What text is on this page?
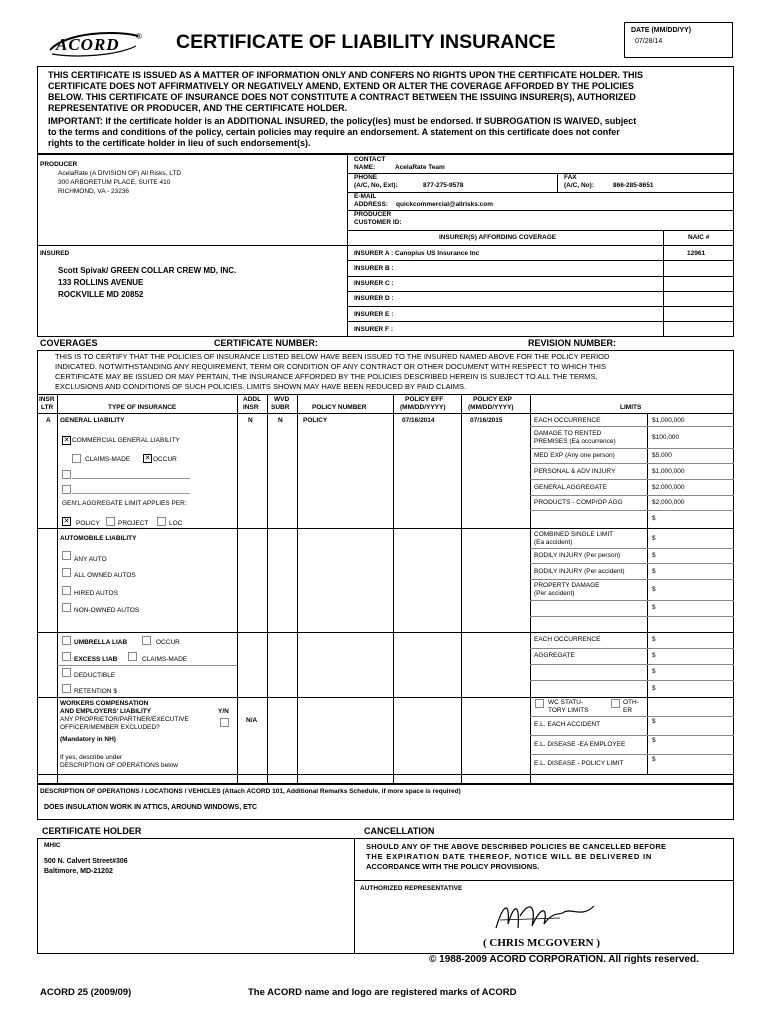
ACORD ® CERTIFICATE OF LIABILITY INSURANCE
DATE (MM/DD/YY)
07/28/14
THIS CERTIFICATE IS ISSUED AS A MATTER OF INFORMATION ONLY AND CONFERS NO RIGHTS UPON THE CERTIFICATE HOLDER. THIS
CERTIFICATE DOES NOT AFFIRMATIVELY OR NEGATIVELY AMEND, EXTEND OR ALTER THE COVERAGE AFFORDED BY THE POLICIES
BELOW. THIS CERTIFICATE OF INSURANCE DOES NOT CONSTITUTE A CONTRACT BETWEEN THE ISSUING INSURER(S), AUTHORIZED
REPRESENTATIVE OR PRODUCER, AND THE CERTIFICATE HOLDER.
IMPORTANT: If the certificate holder is an ADDITIONAL INSURED, the policy(ies) must be endorsed. If SUBROGATION IS WAIVED, subject
to the terms and conditions of the policy, certain policies may require an endorsement. A statement on this certificate does not confer
rights to the certificate holder in lieu of such endorsement(s).
PRODUCER
AcelaRate (A DIVISION OF) All Risks, LTD
300 ARBORETUM PLACE, SUITE 410
RICHMOND, VA - 23236
CONTACT
NAME:	AcelaRate Team
PHONE
(A/C, No, Ext):	877-275-9578
FAX
(A/C, No):	866-285-8651
E-MAIL
ADDRESS: quickcommercial@allrisks.com
PRODUCER
CUSTOMER ID:
INSURER(S) AFFORDING COVERAGE	NAIC #
INSURER A : Canopius US Insurance Inc	12961
INSURER B :
INSURER C :
INSURER D :
INSURER E :
INSURER F :
INSURED
Scott Spivak/ GREEN COLLAR CREW MD, INC.
133 ROLLINS AVENUE
ROCKVILLE MD 20852
COVERAGES	CERTIFICATE NUMBER:	REVISION NUMBER:
THIS IS TO CERTIFY THAT THE POLICIES OF INSURANCE LISTED BELOW HAVE BEEN ISSUED TO THE INSURED NAMED ABOVE FOR THE POLICY PERIOD
INDICATED. NOTWITHSTANDING ANY REQUIREMENT, TERM OR CONDITION OF ANY CONTRACT OR OTHER DOCUMENT WITH RESPECT TO WHICH THIS
CERTIFICATE MAY BE ISSUED OR MAY PERTAIN, THE INSURANCE AFFORDED BY THE POLICIES DESCRIBED HEREIN IS SUBJECT TO ALL THE TERMS,
EXCLUSIONS AND CONDITIONS OF SUCH POLICIES. LIMITS SHOWN MAY HAVE BEEN REDUCED BY PAID CLAIMS.
INSR
LTR	TYPE OF INSURANCE
ADDL
INSR
WVD
SUBR	POLICY NUMBER
POLICY EFF
(MM/DD/YYYY)
POLICY EXP
(MM/DD/YYYY)	LIMITS
A GENERAL LIABILITY	N	N	POLICY	07/16/2014	07/16/2015
✕
COMMERCIAL GENERAL LIABILITY
CLAIMS-MADE
✕	OCCUR
GEN'L AGGREGATE LIMIT APPLIES PER:
✕
POLICY	PROJECT	LOC
EACH OCCURRENCE	$1,000,000
DAMAGE TO RENTED
PREMISES (Ea occurrence)
$100,000
MED EXP (Any one person)	$5,000
PERSONAL & ADV INJURY	$1,000,000
GENERAL AGGREGATE	$2,000,000
PRODUCTS - COMP/OP AGG	$2,000,000
$
AUTOMOBILE LIABILITY
ANY AUTO
ALL OWNED AUTOS
HIRED AUTOS
NON-OWNED AUTOS
COMBINED SINGLE LIMIT
(Ea accident)
$
BODILY INJURY (Per person)	$
BODILY INJURY (Per accident)	$
PROPERTY DAMAGE
(Per accident)
$
$
UMBRELLA LIAB	OCCUR
EXCESS LIAB	CLAIMS-MADE
DEDUCTIBLE
RETENTION $
EACH OCCURRENCE	$
AGGREGATE	$
$
$
WORKERS COMPENSATION
AND EMPLOYERS' LIABILITY	Y/N
ANY PROPRIETOR/PARTNER/EXECUTIVE
OFFICER/MEMBER EXCLUDED?
(Mandatory in NH)
N/A
If yes, describe under
DESCRIPTION OF OPERATIONS below
WC STATU-
TORY LIMITS
OTH-
ER
E.L. EACH ACCIDENT	$
E.L. DISEASE -EA EMPLOYEE
$
E.L. DISEASE - POLICY LIMIT
$
DESCRIPTION OF OPERATIONS / LOCATIONS / VEHICLES (Attach ACORD 101, Additional Remarks Schedule, if more space is required)
DOES INSULATION WORK IN ATTICS, AROUND WINDOWS, ETC
CERTIFICATE HOLDER	CANCELLATION
MHIC
500 N. Calvert Street#306
Baltimore, MD-21202
SHOULD ANY OF THE ABOVE DESCRIBED POLICIES BE CANCELLED BEFORE
THE EXPIRATION DATE THEREOF, NOTICE WILL BE DELIVERED IN
ACCORDANCE WITH THE POLICY PROVISIONS.
AUTHORIZED REPRESENTATIVE
( CHRIS MCGOVERN )
© 1988-2009 ACORD CORPORATION. All rights reserved.
ACORD 25 (2009/09)	The ACORD name and logo are registered marks of ACORD
